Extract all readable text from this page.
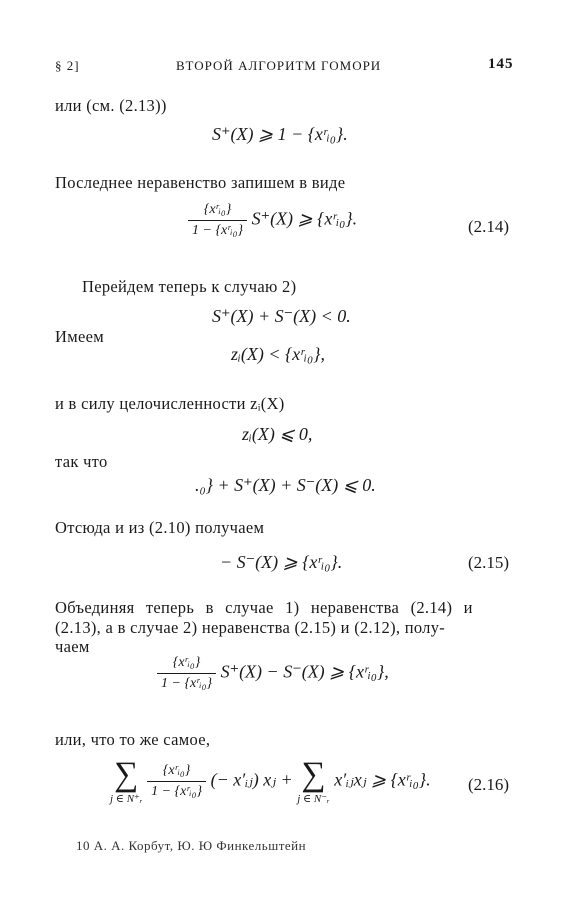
§ 2]	ВТОРОЙ АЛГОРИТМ ГОМОРИ	145
или (см. (2.13))
S⁺(X) ⩾ 1 − {xʳᵢ₀}.
Последнее неравенство запишем в виде
$\frac{\text{\{xʳᵢ₀\}}}{\text{1 − \{xʳᵢ₀\}}} S^+(X)$ ⩾ {xʳᵢ₀}.	(2.14)
Перейдем теперь к случаю 2)
S⁺(X) + S⁻(X) < 0.
Имеем
zᵢ(X) < {xʳᵢ₀},
и в силу целочисленности zᵢ(X)
zᵢ(X) ⩽ 0,
так что
.₀} + S⁺(X) + S⁻(X) ⩽ 0.
Отсюда и из (2.10) получаем
− S⁻(X) ⩾ {xʳᵢ₀}.	(2.15)
Объединяя теперь в случае 1) неравенства (2.14) и
(2.13), а в случае 2) неравенства (2.15) и (2.12), полу-
чаем
$\frac{\text{\{xʳᵢ₀\}}}{\text{1 − \{xʳᵢ₀\}}} S^+(X) - S^-(X)$ ⩾ {xʳᵢ₀},
или, что то же самое,
∑
j ∈ N⁺ᵣ
$\frac{\text{\{xʳᵢ₀\}}}{\text{1 − \{xʳᵢ₀\}}}$ (− x′ᵢⱼ) xⱼ + ∑
j ∈ N⁻ᵣ
x′ᵢⱼxⱼ ⩾ {xʳᵢ₀}. (2.16)
10 А. А. Корбут, Ю. Ю Финкельштейн
